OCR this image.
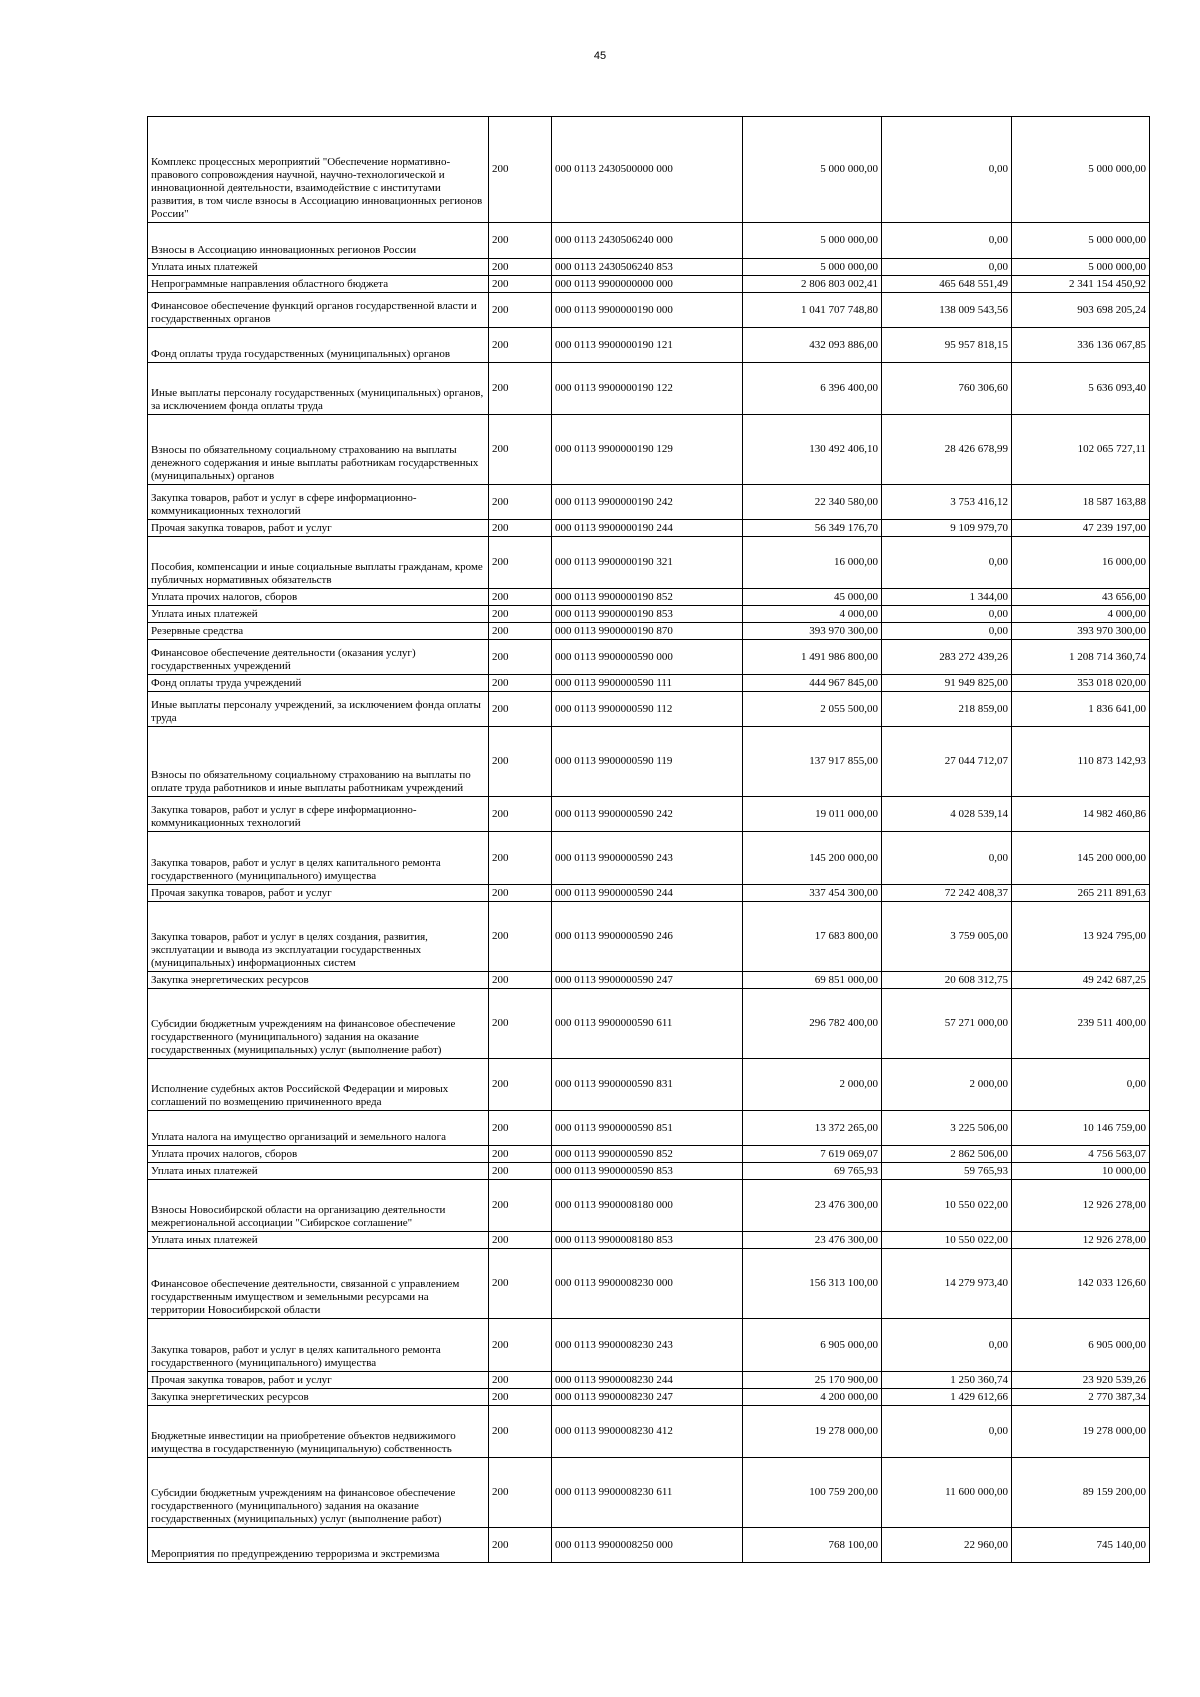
45
Комплекс процессных мероприятий "Обеспечение нормативно-правового сопровождения научной, научно-технологической и инновационной деятельности, взаимодействие с институтами развития, в том числе взносы в Ассоциацию инновационных регионов России"	200	000 0113 2430500000 000	5 000 000,00	0,00	5 000 000,00
Взносы в Ассоциацию инновационных регионов России	200	000 0113 2430506240 000	5 000 000,00	0,00	5 000 000,00
Уплата иных платежей	200	000 0113 2430506240 853	5 000 000,00	0,00	5 000 000,00
Непрограммные направления областного бюджета	200	000 0113 9900000000 000	2 806 803 002,41	465 648 551,49	2 341 154 450,92
Финансовое обеспечение функций органов государственной власти и государственных органов	200	000 0113 9900000190 000	1 041 707 748,80	138 009 543,56	903 698 205,24
Фонд оплаты труда государственных (муниципальных) органов	200	000 0113 9900000190 121	432 093 886,00	95 957 818,15	336 136 067,85
Иные выплаты персоналу государственных (муниципальных) органов, за исключением фонда оплаты труда	200	000 0113 9900000190 122	6 396 400,00	760 306,60	5 636 093,40
Взносы по обязательному социальному страхованию на выплаты денежного содержания и иные выплаты работникам государственных (муниципальных) органов	200	000 0113 9900000190 129	130 492 406,10	28 426 678,99	102 065 727,11
Закупка товаров, работ и услуг в сфере информационно-коммуникационных технологий	200	000 0113 9900000190 242	22 340 580,00	3 753 416,12	18 587 163,88
Прочая закупка товаров, работ и услуг	200	000 0113 9900000190 244	56 349 176,70	9 109 979,70	47 239 197,00
Пособия, компенсации и иные социальные выплаты гражданам, кроме публичных нормативных обязательств	200	000 0113 9900000190 321	16 000,00	0,00	16 000,00
Уплата прочих налогов, сборов	200	000 0113 9900000190 852	45 000,00	1 344,00	43 656,00
Уплата иных платежей	200	000 0113 9900000190 853	4 000,00	0,00	4 000,00
Резервные средства	200	000 0113 9900000190 870	393 970 300,00	0,00	393 970 300,00
Финансовое обеспечение деятельности (оказания услуг) государственных учреждений	200	000 0113 9900000590 000	1 491 986 800,00	283 272 439,26	1 208 714 360,74
Фонд оплаты труда учреждений	200	000 0113 9900000590 111	444 967 845,00	91 949 825,00	353 018 020,00
Иные выплаты персоналу учреждений, за исключением фонда оплаты труда	200	000 0113 9900000590 112	2 055 500,00	218 859,00	1 836 641,00
Взносы по обязательному социальному страхованию на выплаты по оплате труда работников и иные выплаты работникам учреждений	200	000 0113 9900000590 119	137 917 855,00	27 044 712,07	110 873 142,93
Закупка товаров, работ и услуг в сфере информационно-коммуникационных технологий	200	000 0113 9900000590 242	19 011 000,00	4 028 539,14	14 982 460,86
Закупка товаров, работ и услуг в целях капитального ремонта государственного (муниципального) имущества	200	000 0113 9900000590 243	145 200 000,00	0,00	145 200 000,00
Прочая закупка товаров, работ и услуг	200	000 0113 9900000590 244	337 454 300,00	72 242 408,37	265 211 891,63
Закупка товаров, работ и услуг в целях создания, развития, эксплуатации и вывода из эксплуатации государственных (муниципальных) информационных систем	200	000 0113 9900000590 246	17 683 800,00	3 759 005,00	13 924 795,00
Закупка энергетических ресурсов	200	000 0113 9900000590 247	69 851 000,00	20 608 312,75	49 242 687,25
Субсидии бюджетным учреждениям на финансовое обеспечение государственного (муниципального) задания на оказание государственных (муниципальных) услуг (выполнение работ)	200	000 0113 9900000590 611	296 782 400,00	57 271 000,00	239 511 400,00
Исполнение судебных актов Российской Федерации и мировых соглашений по возмещению причиненного вреда	200	000 0113 9900000590 831	2 000,00	2 000,00	0,00
Уплата налога на имущество организаций и земельного налога	200	000 0113 9900000590 851	13 372 265,00	3 225 506,00	10 146 759,00
Уплата прочих налогов, сборов	200	000 0113 9900000590 852	7 619 069,07	2 862 506,00	4 756 563,07
Уплата иных платежей	200	000 0113 9900000590 853	69 765,93	59 765,93	10 000,00
Взносы Новосибирской области на организацию деятельности межрегиональной ассоциации "Сибирское соглашение"	200	000 0113 9900008180 000	23 476 300,00	10 550 022,00	12 926 278,00
Уплата иных платежей	200	000 0113 9900008180 853	23 476 300,00	10 550 022,00	12 926 278,00
Финансовое обеспечение деятельности, связанной с управлением государственным имуществом и земельными ресурсами на территории Новосибирской области	200	000 0113 9900008230 000	156 313 100,00	14 279 973,40	142 033 126,60
Закупка товаров, работ и услуг в целях капитального ремонта государственного (муниципального) имущества	200	000 0113 9900008230 243	6 905 000,00	0,00	6 905 000,00
Прочая закупка товаров, работ и услуг	200	000 0113 9900008230 244	25 170 900,00	1 250 360,74	23 920 539,26
Закупка энергетических ресурсов	200	000 0113 9900008230 247	4 200 000,00	1 429 612,66	2 770 387,34
Бюджетные инвестиции на приобретение объектов недвижимого имущества в государственную (муниципальную) собственность	200	000 0113 9900008230 412	19 278 000,00	0,00	19 278 000,00
Субсидии бюджетным учреждениям на финансовое обеспечение государственного (муниципального) задания на оказание государственных (муниципальных) услуг (выполнение работ)	200	000 0113 9900008230 611	100 759 200,00	11 600 000,00	89 159 200,00
Мероприятия по предупреждению терроризма и экстремизма	200	000 0113 9900008250 000	768 100,00	22 960,00	745 140,00
